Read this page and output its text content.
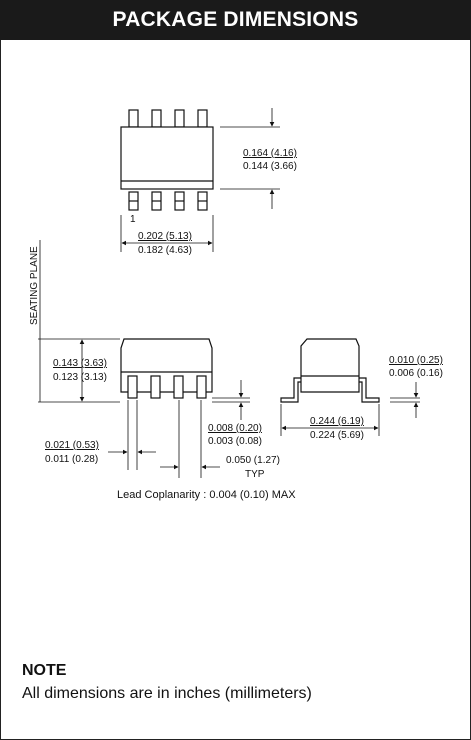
PACKAGE DIMENSIONS
1
0.164 (4.16)
0.144 (3.66)
0.202 (5.13)
0.182 (4.63)
SEATING PLANE
0.143 (3.63)
0.123 (3.13)
0.008 (0.20)
0.003 (0.08)
0.021 (0.53)
0.011 (0.28)	0.050 (1.27)
TYP
0.010 (0.25)
0.006 (0.16)
0.244 (6.19)
0.224 (5.69)
Lead Coplanarity : 0.004 (0.10) MAX
NOTE
All dimensions are in inches (millimeters)
